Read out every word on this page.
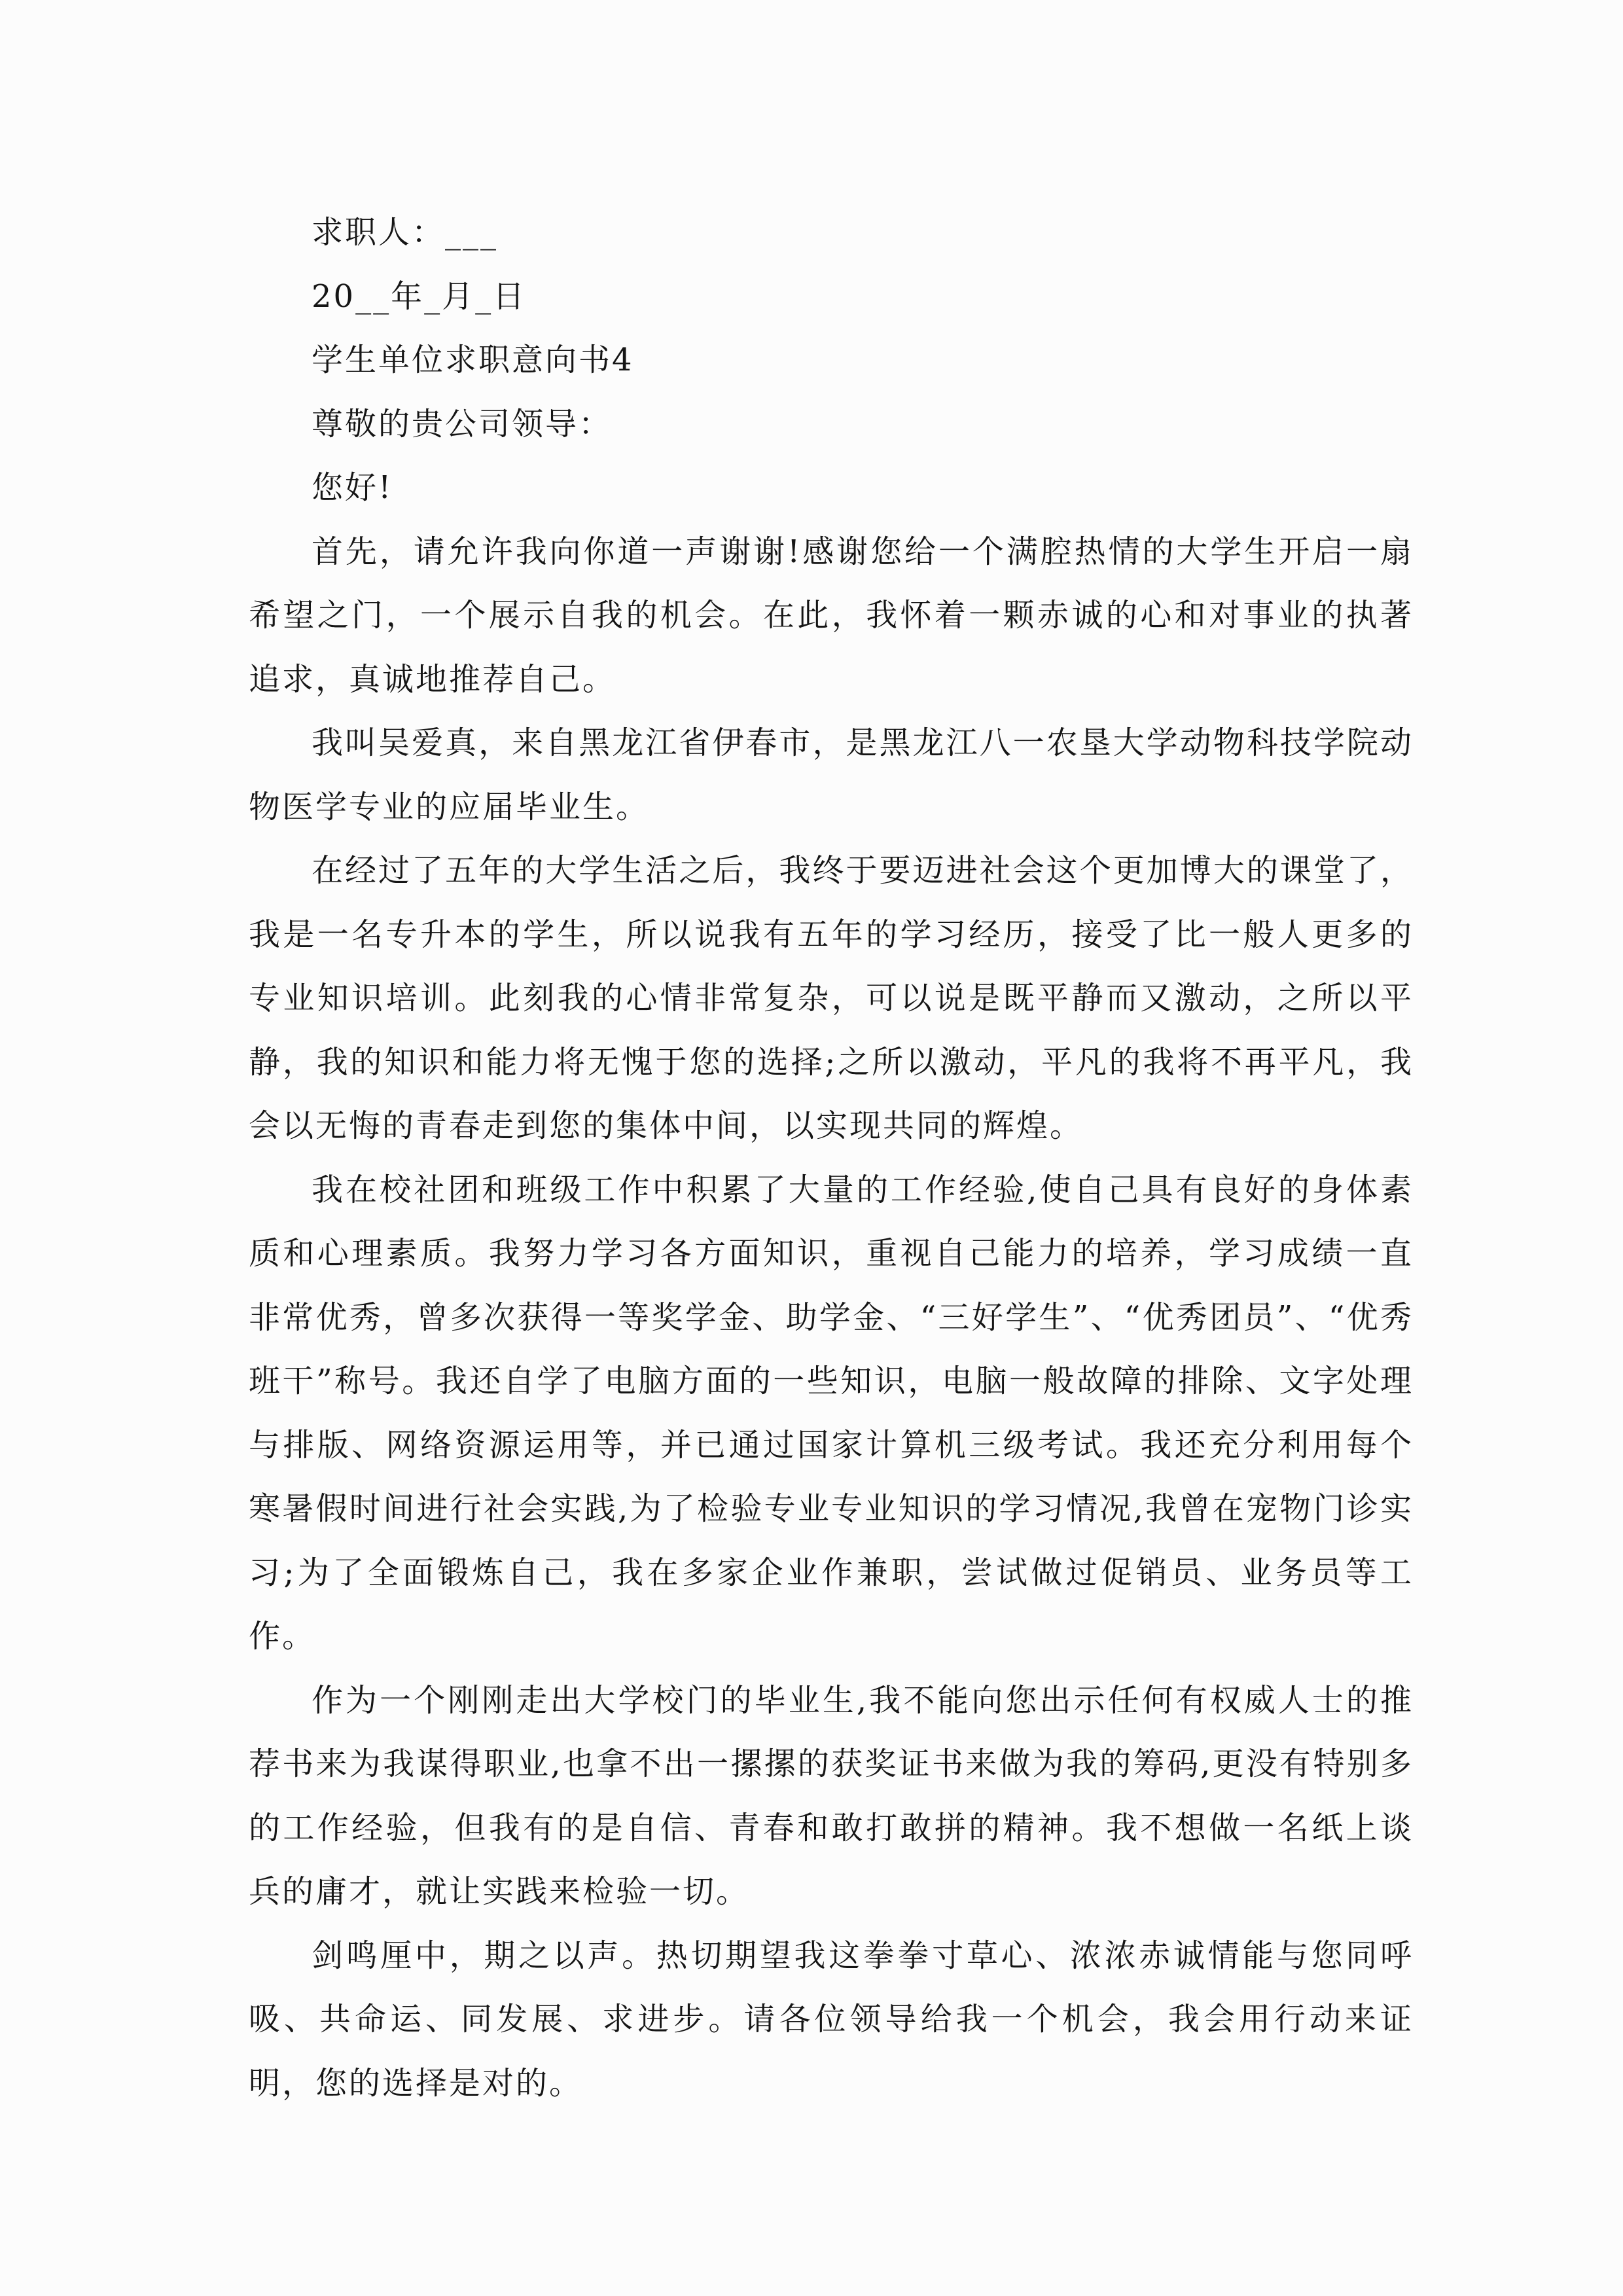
求职人：___

20__年_月_日

学生单位求职意向书4

尊敬的贵公司领导：

您好!

首先，请允许我向你道一声谢谢!感谢您给一个满腔热情的大学生开启一扇希望之门，一个展示自我的机会。在此，我怀着一颗赤诚的心和对事业的执著追求，真诚地推荐自己。

我叫吴爱真，来自黑龙江省伊春市，是黑龙江八一农垦大学动物科技学院动物医学专业的应届毕业生。

在经过了五年的大学生活之后，我终于要迈进社会这个更加博大的课堂了，我是一名专升本的学生，所以说我有五年的学习经历，接受了比一般人更多的专业知识培训。此刻我的心情非常复杂，可以说是既平静而又激动，之所以平静，我的知识和能力将无愧于您的选择;之所以激动，平凡的我将不再平凡，我会以无悔的青春走到您的集体中间，以实现共同的辉煌。

我在校社团和班级工作中积累了大量的工作经验,使自己具有良好的身体素质和心理素质。我努力学习各方面知识，重视自己能力的培养，学习成绩一直非常优秀，曾多次获得一等奖学金、助学金、“三好学生”、“优秀团员”、“优秀班干”称号。我还自学了电脑方面的一些知识，电脑一般故障的排除、文字处理与排版、网络资源运用等，并已通过国家计算机三级考试。我还充分利用每个寒暑假时间进行社会实践,为了检验专业专业知识的学习情况,我曾在宠物门诊实习;为了全面锻炼自己，我在多家企业作兼职，尝试做过促销员、业务员等工作。

作为一个刚刚走出大学校门的毕业生,我不能向您出示任何有权威人士的推荐书来为我谋得职业,也拿不出一摞摞的获奖证书来做为我的筹码,更没有特别多的工作经验，但我有的是自信、青春和敢打敢拼的精神。我不想做一名纸上谈兵的庸才，就让实践来检验一切。

剑鸣厘中，期之以声。热切期望我这拳拳寸草心、浓浓赤诚情能与您同呼吸、共命运、同发展、求进步。请各位领导给我一个机会，我会用行动来证明，您的选择是对的。
